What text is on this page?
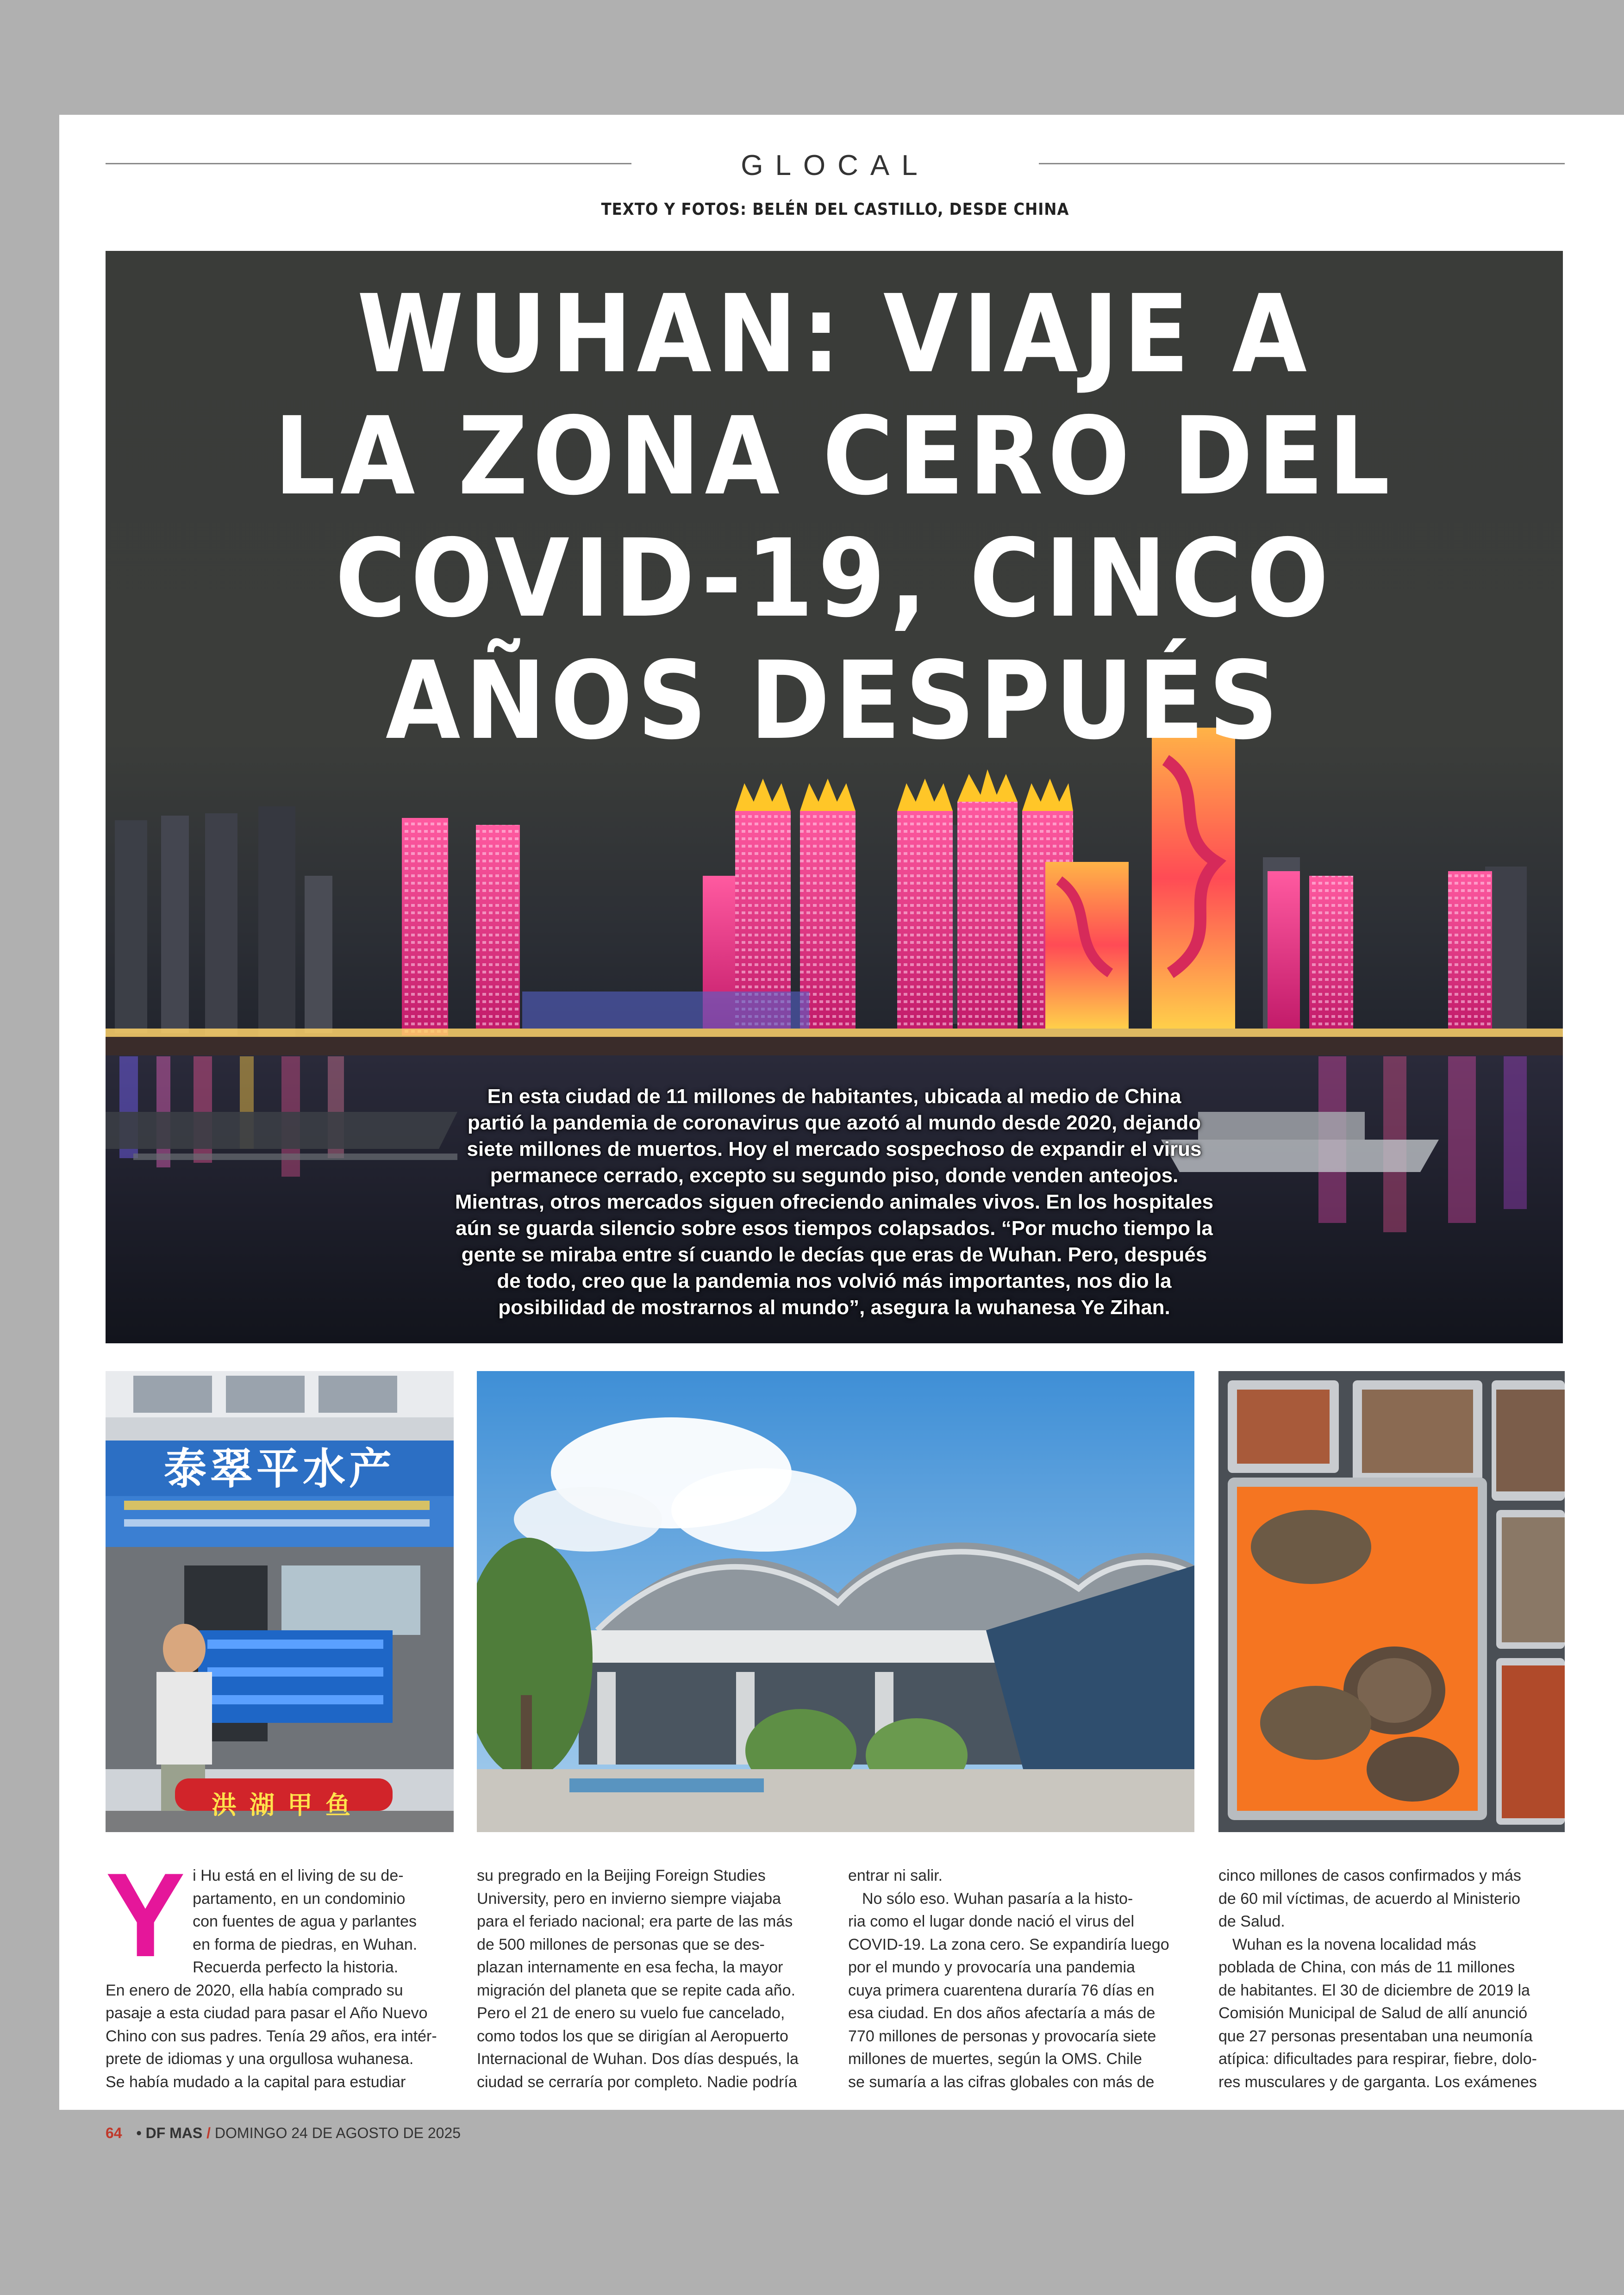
GLOCAL
TEXTO Y FOTOS: BELÉN DEL CASTILLO, DESDE CHINA
WUHAN: VIAJE A
LA ZONA CERO DEL
COVID-19, CINCO
AÑOS DESPUÉS

En esta ciudad de 11 millones de habitantes, ubicada al medio de China
partió la pandemia de coronavirus que azotó al mundo desde 2020, dejando
siete millones de muertos. Hoy el mercado sospechoso de expandir el virus
permanece cerrado, excepto su segundo piso, donde venden anteojos.
Mientras, otros mercados siguen ofreciendo animales vivos. En los hospitales
aún se guarda silencio sobre esos tiempos colapsados. “Por mucho tiempo la
gente se miraba entre sí cuando le decías que eras de Wuhan. Pero, después
de todo, creo que la pandemia nos volvió más importantes, nos dio la
posibilidad de mostrarnos al mundo”, asegura la wuhanesa Ye Zihan.

泰翠平水产
洪湖甲鱼
Y i Hu está en el living de su de-
partamento, en un condominio
con fuentes de agua y parlantes
en forma de piedras, en Wuhan.
Recuerda perfecto la historia.
En enero de 2020, ella había comprado su
pasaje a esta ciudad para pasar el Año Nuevo
Chino con sus padres. Tenía 29 años, era intér-
prete de idiomas y una orgullosa wuhanesa.
Se había mudado a la capital para estudiar
su pregrado en la Beijing Foreign Studies
University, pero en invierno siempre viajaba
para el feriado nacional; era parte de las más
de 500 millones de personas que se des-
plazan internamente en esa fecha, la mayor
migración del planeta que se repite cada año.
Pero el 21 de enero su vuelo fue cancelado,
como todos los que se dirigían al Aeropuerto
Internacional de Wuhan. Dos días después, la
ciudad se cerraría por completo. Nadie podría
entrar ni salir.
No sólo eso. Wuhan pasaría a la histo-
ria como el lugar donde nació el virus del
COVID-19. La zona cero. Se expandiría luego
por el mundo y provocaría una pandemia
cuya primera cuarentena duraría 76 días en
esa ciudad. En dos años afectaría a más de
770 millones de personas y provocaría siete
millones de muertes, según la OMS. Chile
se sumaría a las cifras globales con más de
cinco millones de casos confirmados y más
de 60 mil víctimas, de acuerdo al Ministerio
de Salud.
Wuhan es la novena localidad más
poblada de China, con más de 11 millones
de habitantes. El 30 de diciembre de 2019 la
Comisión Municipal de Salud de allí anunció
que 27 personas presentaban una neumonía
atípica: dificultades para respirar, fiebre, dolo-
res musculares y de garganta. Los exámenes
64 • DF MAS / DOMINGO 24 DE AGOSTO DE 2025
